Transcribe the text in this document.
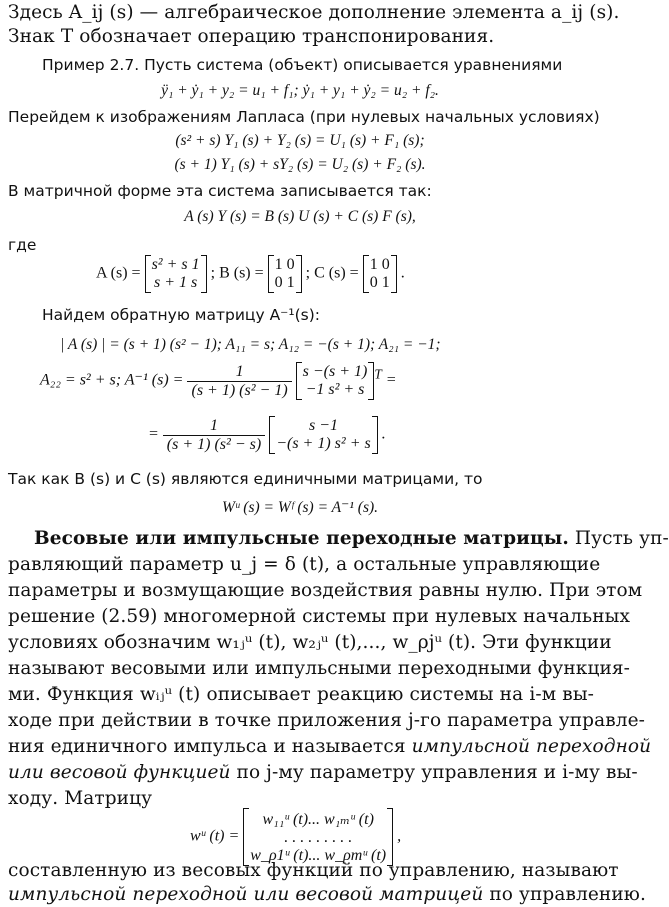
Здесь A_ij (s) — алгебраическое дополнение элемента a_ij (s).
Знак T обозначает операцию транспонирования.
Пример 2.7. Пусть система (объект) описывается уравнениями
ÿ₁ + ẏ₁ + y₂ = u₁ + f₁; ẏ₁ + y₁ + ẏ₂ = u₂ + f₂.
Перейдем к изображениям Лапласа (при нулевых начальных условиях)
(s² + s) Y₁ (s) + Y₂ (s) = U₁ (s) + F₁ (s);
(s + 1) Y₁ (s) + sY₂ (s) = U₂ (s) + F₂ (s).
В матричной форме эта система записывается так:
A (s) Y (s) = B (s) U (s) + C (s) F (s),
где
A (s) =
s² + s 1
s + 1 s
; B (s) =
1 0
0 1
; C (s) =
1 0
0 1
.
Найдем обратную матрицу A⁻¹(s):
| A (s) | = (s + 1) (s² − 1); A₁₁ = s; A₁₂ = −(s + 1); A₂₁ = −1;
A₂₂ = s² + s; A⁻¹ $(s) = \frac{1}{\text{(s + 1) (s² − 1)}}$
s −(s + 1)
−1 s² + s
$^T$ =
= $\frac{1}{\text{(s + 1) (s² − s)}}$
	s −1
−(s + 1) s² + s
.
Так как B (s) и C (s) являются единичными матрицами, то
Wᵘ (s) = Wᶠ (s) = A⁻¹ (s).
Весовые или импульсные переходные матрицы. Пусть уп-
равляющий параметр u_j = δ (t), а остальные управляющие
параметры и возмущающие воздействия равны нулю. При этом
решение (2.59) многомерной системы при нулевых начальных
условиях обозначим w₁ⱼᵘ (t), w₂ⱼᵘ (t),..., w_ρjᵘ (t). Эти функции
называют весовыми или импульсными переходными функция-
ми. Функция wᵢⱼᵘ (t) описывает реакцию системы на i-м вы-
ходе при действии в точке приложения j-го параметра управле-
ния единичного импульса и называется импульсной переходной
или весовой функцией по j-му параметру управления и i-му вы-
ходу. Матрицу
wᵘ (t) =
w₁₁ᵘ (t)... w₁ₘᵘ (t)
. . . . . . . . .
w_ρ1ᵘ (t)... w_ρmᵘ (t)
,
составленную из весовых функций по управлению, называют
импульсной переходной или весовой матрицей по управлению.
